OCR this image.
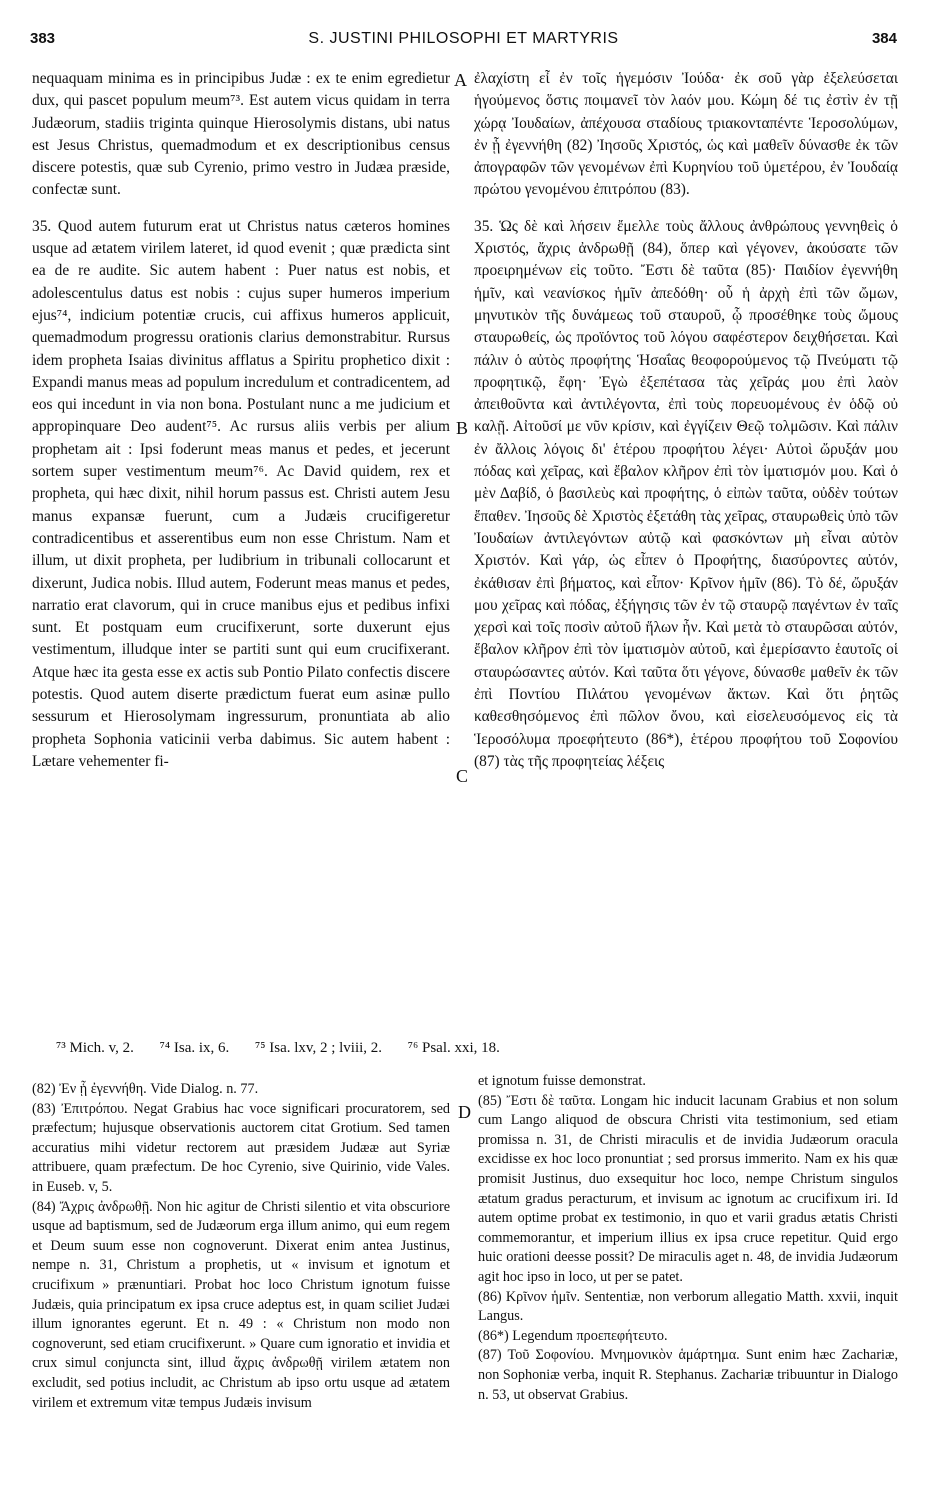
383	S. JUSTINI PHILOSOPHI ET MARTYRIS	384
A
B
C
D

nequaquam minima es in principibus Judæ : ex te enim egredietur dux, qui pascet populum meum⁷³. Est autem vicus quidam in terra Judæorum, stadiis triginta quinque Hierosolymis distans, ubi natus est Jesus Christus, quemadmodum et ex descriptionibus census discere potestis, quæ sub Cyrenio, primo vestro in Judæa præside, confectæ sunt.

35. Quod autem futurum erat ut Christus natus cæteros homines usque ad ætatem virilem lateret, id quod evenit ; quæ prædicta sint ea de re audite. Sic autem habent : Puer natus est nobis, et adolescentulus datus est nobis : cujus super humeros imperium ejus⁷⁴, indicium potentiæ crucis, cui affixus humeros applicuit, quemadmodum progressu orationis clarius demonstrabitur. Rursus idem propheta Isaias divinitus afflatus a Spiritu prophetico dixit : Expandi manus meas ad populum incredulum et contradicentem, ad eos qui incedunt in via non bona. Postulant nunc a me judicium et appropinquare Deo audent⁷⁵. Ac rursus aliis verbis per alium prophetam ait : Ipsi foderunt meas manus et pedes, et jecerunt sortem super vestimentum meum⁷⁶. Ac David quidem, rex et propheta, qui hæc dixit, nihil horum passus est. Christi autem Jesu manus expansæ fuerunt, cum a Judæis crucifigeretur contradicentibus et asserentibus eum non esse Christum. Nam et illum, ut dixit propheta, per ludibrium in tribunali collocarunt et dixerunt, Judica nobis. Illud autem, Foderunt meas manus et pedes, narratio erat clavorum, qui in cruce manibus ejus et pedibus infixi sunt. Et postquam eum crucifixerunt, sorte duxerunt ejus vestimentum, illudque inter se partiti sunt qui eum crucifixerant. Atque hæc ita gesta esse ex actis sub Pontio Pilato confectis discere potestis. Quod autem diserte prædictum fuerat eum asinæ pullo sessurum et Hierosolymam ingressurum, pronuntiata ab alio propheta Sophonia vaticinii verba dabimus. Sic autem habent : Lætare vehementer fi-

ἐλαχίστη εἶ ἐν τοῖς ἡγεμόσιν Ἰούδα· ἐκ σοῦ γὰρ ἐξελεύσεται ἡγούμενος ὅστις ποιμανεῖ τὸν λαόν μου. Κώμη δέ τις ἐστὶν ἐν τῇ χώρᾳ Ἰουδαίων, ἀπέχουσα σταδίους τριακονταπέντε Ἱεροσολύμων, ἐν ᾗ ἐγεννήθη (82) Ἰησοῦς Χριστός, ὡς καὶ μαθεῖν δύνασθε ἐκ τῶν ἀπογραφῶν τῶν γενομένων ἐπὶ Κυρηνίου τοῦ ὑμετέρου, ἐν Ἰουδαίᾳ πρώτου γενομένου ἐπιτρόπου (83).

35. Ὡς δὲ καὶ λήσειν ἔμελλε τοὺς ἄλλους ἀνθρώπους γεννηθεὶς ὁ Χριστός, ἄχρις ἀνδρωθῇ (84), ὅπερ καὶ γέγονεν, ἀκούσατε τῶν προειρημένων εἰς τοῦτο. Ἔστι δὲ ταῦτα (85)· Παιδίον ἐγεννήθη ἡμῖν, καὶ νεανίσκος ἡμῖν ἀπεδόθη· οὗ ἡ ἀρχὴ ἐπὶ τῶν ὤμων, μηνυτικὸν τῆς δυνάμεως τοῦ σταυροῦ, ᾧ προσέθηκε τοὺς ὤμους σταυρωθείς, ὡς προϊόντος τοῦ λόγου σαφέστερον δειχθήσεται. Καὶ πάλιν ὁ αὐτὸς προφήτης Ἡσαΐας θεοφορούμενος τῷ Πνεύματι τῷ προφητικῷ, ἔφη· Ἐγὼ ἐξεπέτασα τὰς χεῖράς μου ἐπὶ λαὸν ἀπειθοῦντα καὶ ἀντιλέγοντα, ἐπὶ τοὺς πορευομένους ἐν ὁδῷ οὐ καλῇ. Αἰτοῦσί με νῦν κρίσιν, καὶ ἐγγίζειν Θεῷ τολμῶσιν. Καὶ πάλιν ἐν ἄλλοις λόγοις δι' ἑτέρου προφήτου λέγει· Αὐτοὶ ὤρυξάν μου πόδας καὶ χεῖρας, καὶ ἔβαλον κλῆρον ἐπὶ τὸν ἱματισμόν μου. Καὶ ὁ μὲν Δαβίδ, ὁ βασιλεὺς καὶ προφήτης, ὁ εἰπὼν ταῦτα, οὐδὲν τούτων ἔπαθεν. Ἰησοῦς δὲ Χριστὸς ἐξετάθη τὰς χεῖρας, σταυρωθεὶς ὑπὸ τῶν Ἰουδαίων ἀντιλεγόντων αὐτῷ καὶ φασκόντων μὴ εἶναι αὐτὸν Χριστόν. Καὶ γάρ, ὡς εἶπεν ὁ Προφήτης, διασύροντες αὐτόν, ἐκάθισαν ἐπὶ βήματος, καὶ εἶπον· Κρῖνον ἡμῖν (86). Τὸ δέ, ὤρυξάν μου χεῖρας καὶ πόδας, ἐξήγησις τῶν ἐν τῷ σταυρῷ παγέντων ἐν ταῖς χερσὶ καὶ τοῖς ποσὶν αὐτοῦ ἥλων ἦν. Καὶ μετὰ τὸ σταυρῶσαι αὐτόν, ἔβαλον κλῆρον ἐπὶ τὸν ἱματισμὸν αὐτοῦ, καὶ ἐμερίσαντο ἑαυτοῖς οἱ σταυρώσαντες αὐτόν. Καὶ ταῦτα ὅτι γέγονε, δύνασθε μαθεῖν ἐκ τῶν ἐπὶ Ποντίου Πιλάτου γενομένων ἄκτων. Καὶ ὅτι ῥητῶς καθεσθησόμενος ἐπὶ πῶλον ὄνου, καὶ εἰσελευσόμενος εἰς τὰ Ἱεροσόλυμα προεφήτευτο (86*), ἑτέρου προφήτου τοῦ Σοφονίου (87) τὰς τῆς προφητείας λέξεις

⁷³ Mich. v, 2. ⁷⁴ Isa. ix, 6. ⁷⁵ Isa. lxv, 2 ; lviii, 2. ⁷⁶ Psal. xxi, 18.

(82) Ἐν ᾗ ἐγεννήθη. Vide Dialog. n. 77.

(83) Ἐπιτρόπου. Negat Grabius hac voce significari procuratorem, sed præfectum; hujusque observationis auctorem citat Grotium. Sed tamen accuratius mihi videtur rectorem aut præsidem Judææ aut Syriæ attribuere, quam præfectum. De hoc Cyrenio, sive Quirinio, vide Vales. in Euseb. v, 5.

(84) Ἄχρις ἀνδρωθῇ. Non hic agitur de Christi silentio et vita obscuriore usque ad baptismum, sed de Judæorum erga illum animo, qui eum regem et Deum suum esse non cognoverunt. Dixerat enim antea Justinus, nempe n. 31, Christum a prophetis, ut « invisum et ignotum et crucifixum » prænuntiari. Probat hoc loco Christum ignotum fuisse Judæis, quia principatum ex ipsa cruce adeptus est, in quam sciliet Judæi illum ignorantes egerunt. Et n. 49 : « Christum non modo non cognoverunt, sed etiam crucifixerunt. » Quare cum ignoratio et invidia et crux simul conjuncta sint, illud ἄχρις ἀνδρωθῇ virilem ætatem non excludit, sed potius includit, ac Christum ab ipso ortu usque ad ætatem virilem et extremum vitæ tempus Judæis invisum

et ignotum fuisse demonstrat.

(85) Ἔστι δὲ ταῦτα. Longam hic inducit lacunam Grabius et non solum cum Lango aliquod de obscura Christi vita testimonium, sed etiam promissa n. 31, de Christi miraculis et de invidia Judæorum oracula excidisse ex hoc loco pronuntiat ; sed prorsus immerito. Nam ex his quæ promisit Justinus, duo exsequitur hoc loco, nempe Christum singulos ætatum gradus peracturum, et invisum ac ignotum ac crucifixum iri. Id autem optime probat ex testimonio, in quo et varii gradus ætatis Christi commemorantur, et imperium illius ex ipsa cruce repetitur. Quid ergo huic orationi deesse possit? De miraculis aget n. 48, de invidia Judæorum agit hoc ipso in loco, ut per se patet.

(86) Κρῖνον ἡμῖν. Sententiæ, non verborum allegatio Matth. xxvii, inquit Langus.

(86*) Legendum προεπεφήτευτο.

(87) Τοῦ Σοφονίου. Μνημονικὸν ἁμάρτημα. Sunt enim hæc Zachariæ, non Sophoniæ verba, inquit R. Stephanus. Zachariæ tribuuntur in Dialogo n. 53, ut observat Grabius.
